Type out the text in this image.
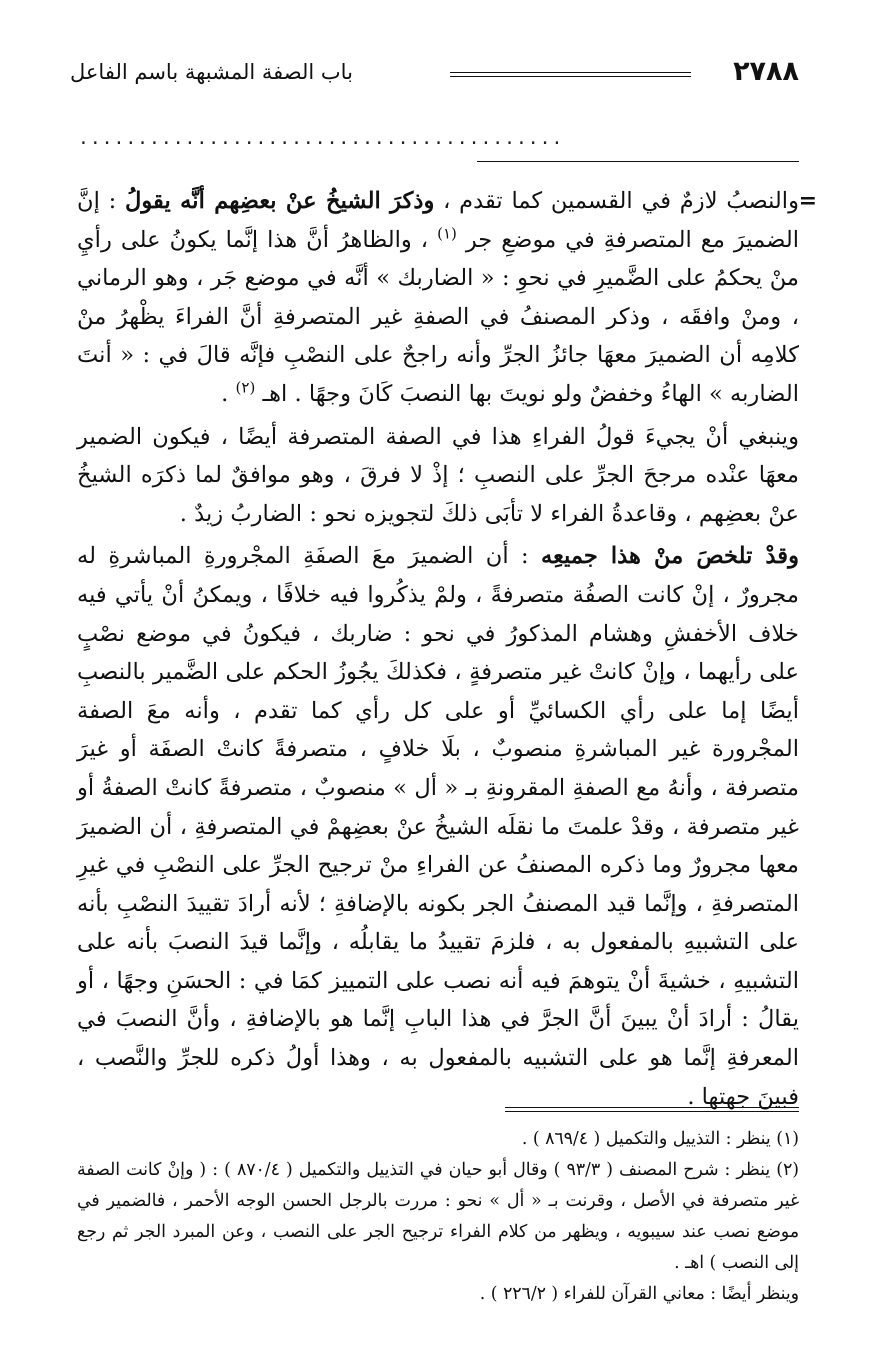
٢٧٨٨
باب الصفة المشبهة باسم الفاعل
.........................................
=

والنصبُ لازمٌ في القسمين كما تقدم ، وذكرَ الشيخُ عنْ بعضِهم أنَّه يقولُ : إنَّ الضميرَ مع المتصرفةِ في موضعِ جر $^{(١)}$ ، والظاهرُ أنَّ هذا إنَّما يكونُ على رأيِ منْ يحكمُ على الضَّميرِ في نحوِ : « الضاربك » أنَّه في موضع جَر ، وهو الرماني ، ومنْ وافقَه ، وذكر المصنفُ في الصفةِ غير المتصرفةِ أنَّ الفراءَ يظْهرُ منْ كلامِه أن الضميرَ معهَا جائزُ الجرِّ وأنه راجحٌ على النصْبِ فإنَّه قالَ في : « أنتَ الضاربه » الهاءُ وخفضٌ ولو نويتَ بها النصبَ كَانَ وجهًا . اهـ $^{(٢)}$ .

وينبغي أنْ يجيءَ قولُ الفراءِ هذا في الصفة المتصرفة أيضًا ، فيكون الضمير معهَا عنْده مرجحَ الجرِّ على النصبِ ؛ إذْ لا فرقَ ، وهو موافقٌ لما ذكرَه الشيخُ عنْ بعضِهم ، وقاعدةُ الفراء لا تأبَى ذلكَ لتجويزه نحو : الضاربُ زيدٌ .

وقدْ تلخصَ منْ هذا جميعِه : أن الضميرَ معَ الصفَةِ المجْرورةِ المباشرةِ له مجرورٌ ، إنْ كانت الصفُة متصرفةً ، ولمْ يذكُروا فيه خلافًا ، ويمكنُ أنْ يأتي فيه خلاف الأخفشِ وهشام المذكورُ في نحو : ضاربك ، فيكونُ في موضع نصْبٍ على رأيهما ، وإنْ كانتْ غير متصرفةٍ ، فكذلكَ يجُوزُ الحكم على الضَّمير بالنصبِ أيضًا إما على رأي الكسائيِّ أو على كل رأي كما تقدم ، وأنه معَ الصفة المجْرورة غير المباشرةِ منصوبٌ ، بلَا خلافٍ ، متصرفةً كانتْ الصفَة أو غيرَ متصرفة ، وأنهُ مع الصفةِ المقرونةِ بـ « أل » منصوبٌ ، متصرفةً كانتْ الصفةُ أو غير متصرفة ، وقدْ علمتَ ما نقلَه الشيخُ عنْ بعضِهمْ في المتصرفةِ ، أن الضميرَ معها مجرورٌ وما ذكره المصنفُ عن الفراءِ منْ ترجيح الجرِّ على النصْبِ في غيرِ المتصرفةِ ، وإنَّما قيد المصنفُ الجر بكونه بالإضافةِ ؛ لأنه أرادَ تقييدَ النصْبِ بأنه على التشبيهِ بالمفعول به ، فلزمَ تقييدُ ما يقابلُه ، وإنَّما قيدَ النصبَ بأنه على التشبيهِ ، خشيةَ أنْ يتوهمَ فيه أنه نصب على التمييز كمَا في : الحسَنِ وجهًا ، أو يقالُ : أرادَ أنْ يبينَ أنَّ الجرَّ في هذا البابِ إنَّما هو بالإضافةِ ، وأنَّ النصبَ في المعرفةِ إنَّما هو على التشبيه بالمفعول به ، وهذا أولُ ذكره للجرِّ والنَّصب ، فبينَ جهتها .

(١) ينظر : التذييل والتكميل ( ٨٦٩/٤ ) .

(٢) ينظر : شرح المصنف ( ٩٣/٣ ) وقال أبو حيان في التذييل والتكميل ( ٨٧٠/٤ ) : ( وإنْ كانت الصفة غير متصرفة في الأصل ، وقرنت بـ « أل » نحو : مررت بالرجل الحسن الوجه الأحمر ، فالضمير في موضع نصب عند سيبويه ، ويظهر من كلام الفراء ترجيح الجر على النصب ، وعن المبرد الجر ثم رجع إلى النصب ) اهـ .

وينظر أيضًا : معاني القرآن للفراء ( ٢٢٦/٢ ) .
